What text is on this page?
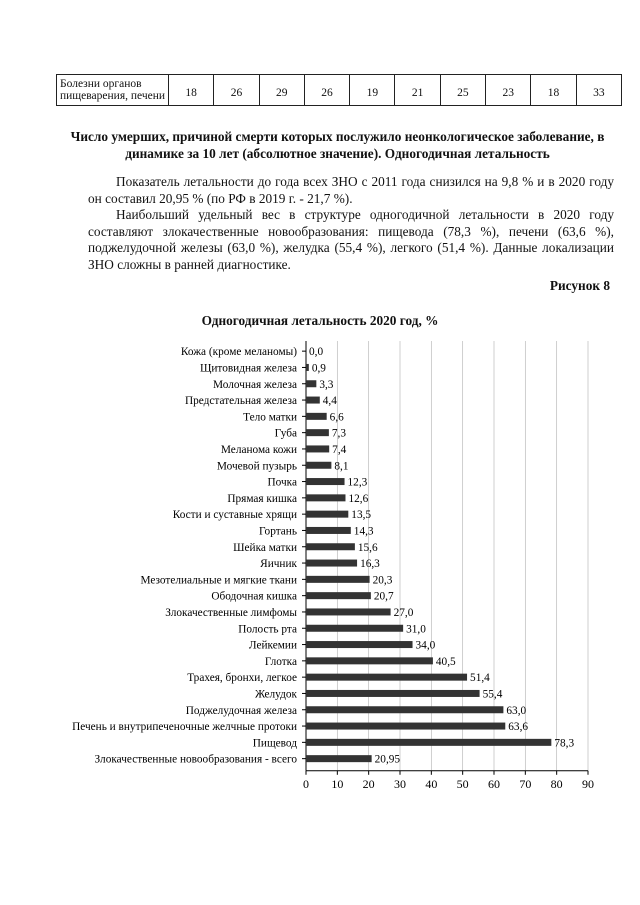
Болезни органов пищеварения, печени	18	26	29	26	19	21	25	23	18	33
Число умерших, причиной смерти которых послужило неонкологическое заболевание, в динамике за 10 лет (абсолютное значение). Одногодичная летальность

Показатель летальности до года всех ЗНО с 2011 года снизился на 9,8 % и в 2020 году он составил 20,95 % (по РФ в 2019 г. - 21,7 %).

Наибольший удельный вес в структуре одногодичной летальности в 2020 году составляют злокачественные новообразования: пищевода (78,3 %), печени (63,6 %), поджелудочной железы (63,0 %), желудка (55,4 %), легкого (51,4 %). Данные локализации ЗНО сложны в ранней диагностике.

Рисунок 8
Одногодичная летальность 2020 год, %
0 10 20 30 40 50 60 70 80 90
Кожа (кроме меланомы) 0,0
Щитовидная железа 0,9
Молочная железа 3,3
Предстательная железа 4,4
Тело матки	6,6
Губа	7,3
Меланома кожи	7,4
Мочевой пузырь	8,1
Почка	12,3
Прямая кишка	12,6
Кости и суставные хрящи	13,5
Гортань	14,3
Шейка матки	15,6
Яичник	16,3
Мезотелиальные и мягкие ткани	20,3
Ободочная кишка	20,7
Злокачественные лимфомы	27,0
Полость рта	31,0
Лейкемии	34,0
Глотка	40,5
Трахея, бронхи, легкое	51,4
Желудок	55,4
Поджелудочная железа	63,0
Печень и внутрипеченочные желчные протоки	63,6
Пищевод	78,3
Злокачественные новообразования - всего	20,95
